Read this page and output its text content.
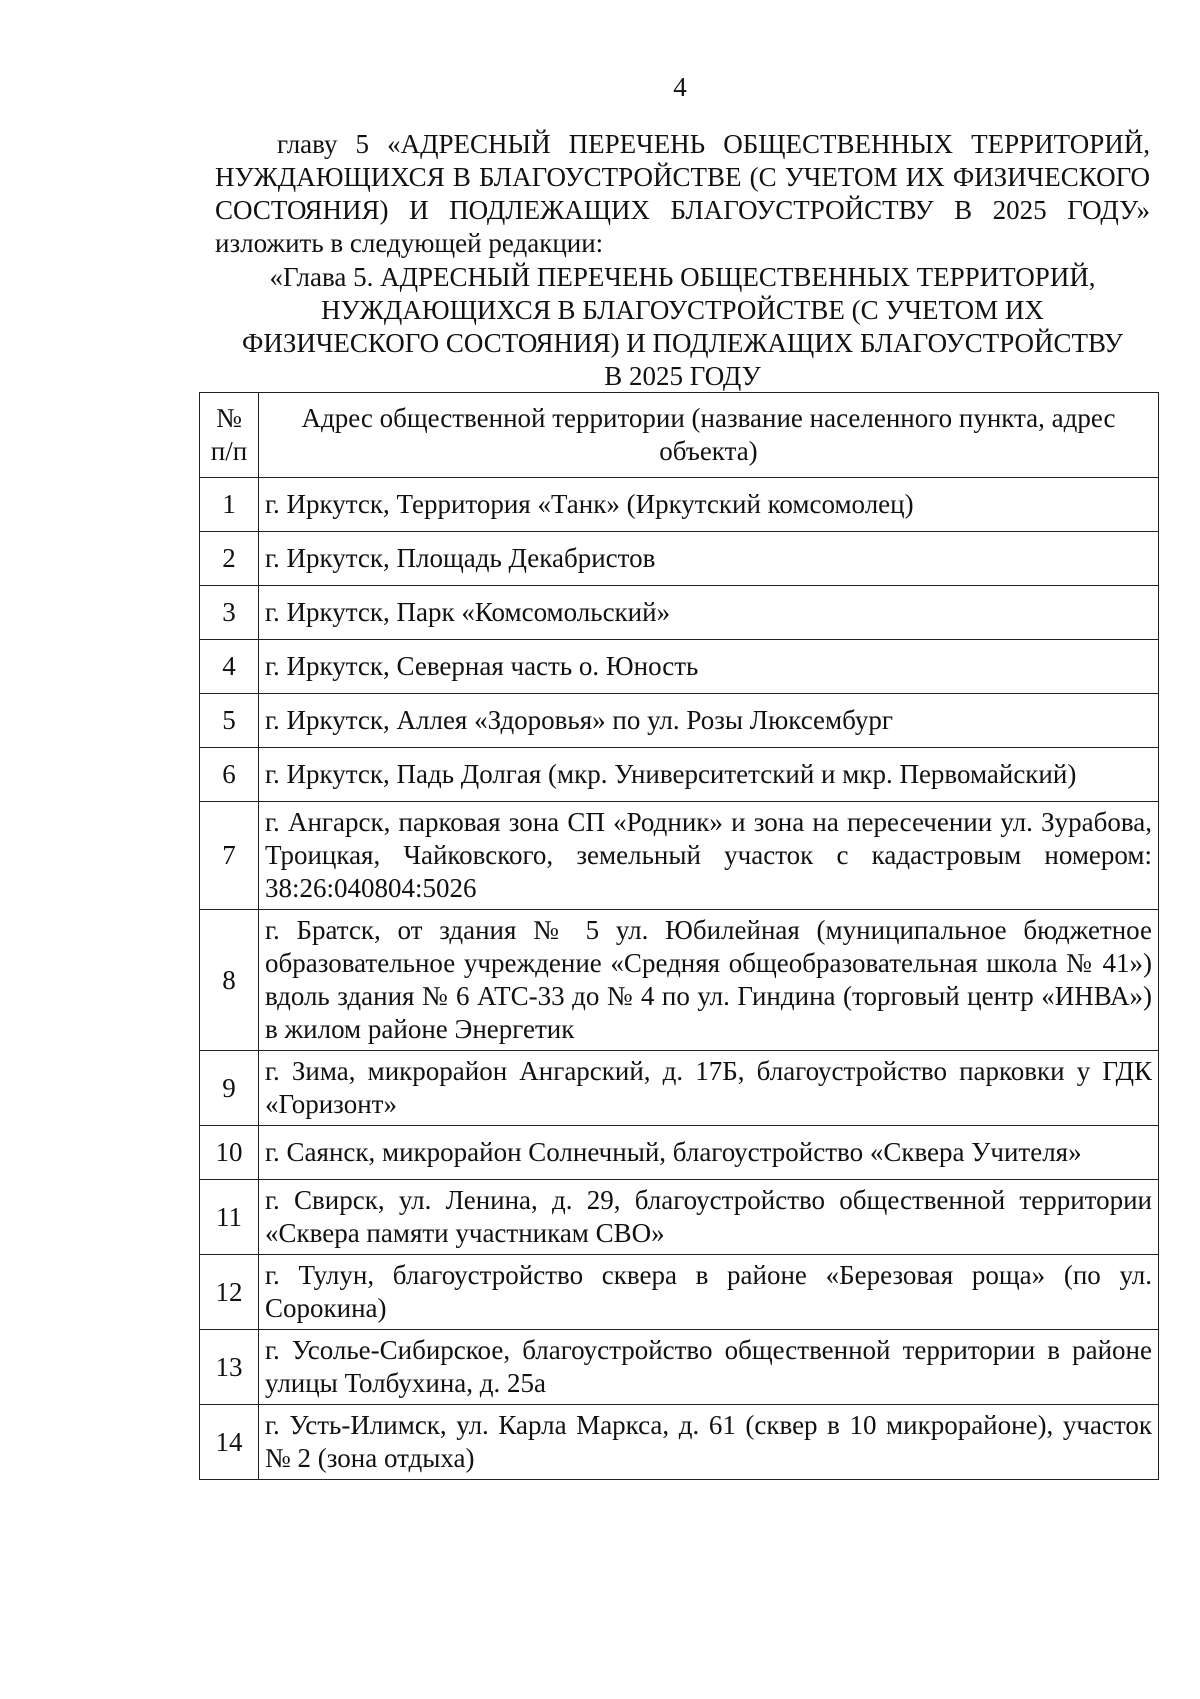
4

главу 5 «АДРЕСНЫЙ ПЕРЕЧЕНЬ ОБЩЕСТВЕННЫХ ТЕРРИТОРИЙ, НУЖДАЮЩИХСЯ В БЛАГОУСТРОЙСТВЕ (С УЧЕТОМ ИХ ФИЗИЧЕСКОГО СОСТОЯНИЯ) И ПОДЛЕЖАЩИХ БЛАГОУСТРОЙСТВУ В 2025 ГОДУ» изложить в следующей редакции:

«Глава 5. АДРЕСНЫЙ ПЕРЕЧЕНЬ ОБЩЕСТВЕННЫХ ТЕРРИТОРИЙ,
НУЖДАЮЩИХСЯ В БЛАГОУСТРОЙСТВЕ (С УЧЕТОМ ИХ
ФИЗИЧЕСКОГО СОСТОЯНИЯ) И ПОДЛЕЖАЩИХ БЛАГОУСТРОЙСТВУ
В 2025 ГОДУ
№ п/п	Адрес общественной территории (название населенного пункта, адрес объекта)
1	г. Иркутск, Территория «Танк» (Иркутский комсомолец)
2	г. Иркутск, Площадь Декабристов
3	г. Иркутск, Парк «Комсомольский»
4	г. Иркутск, Северная часть о. Юность
5	г. Иркутск, Аллея «Здоровья» по ул. Розы Люксембург
6	г. Иркутск, Падь Долгая (мкр. Университетский и мкр. Первомайский)
7	г. Ангарск, парковая зона СП «Родник» и зона на пересечении ул. Зурабова, Троицкая, Чайковского, земельный участок с кадастровым номером: 38:26:040804:5026
8	г. Братск, от здания № 5 ул. Юбилейная (муниципальное бюджетное образовательное учреждение «Средняя общеобразовательная школа № 41») вдоль здания № 6 АТС-33 до № 4 по ул. Гиндина (торговый центр «ИНВА») в жилом районе Энергетик
9	г. Зима, микрорайон Ангарский, д. 17Б, благоустройство парковки у ГДК «Горизонт»
10	г. Саянск, микрорайон Солнечный, благоустройство «Сквера Учителя»
11	г. Свирск, ул. Ленина, д. 29, благоустройство общественной территории «Сквера памяти участникам СВО»
12	г. Тулун, благоустройство сквера в районе «Березовая роща» (по ул. Сорокина)
13	г. Усолье-Сибирское, благоустройство общественной территории в районе улицы Толбухина, д. 25а
14	г. Усть-Илимск, ул. Карла Маркса, д. 61 (сквер в 10 микрорайоне), участок № 2 (зона отдыха)
